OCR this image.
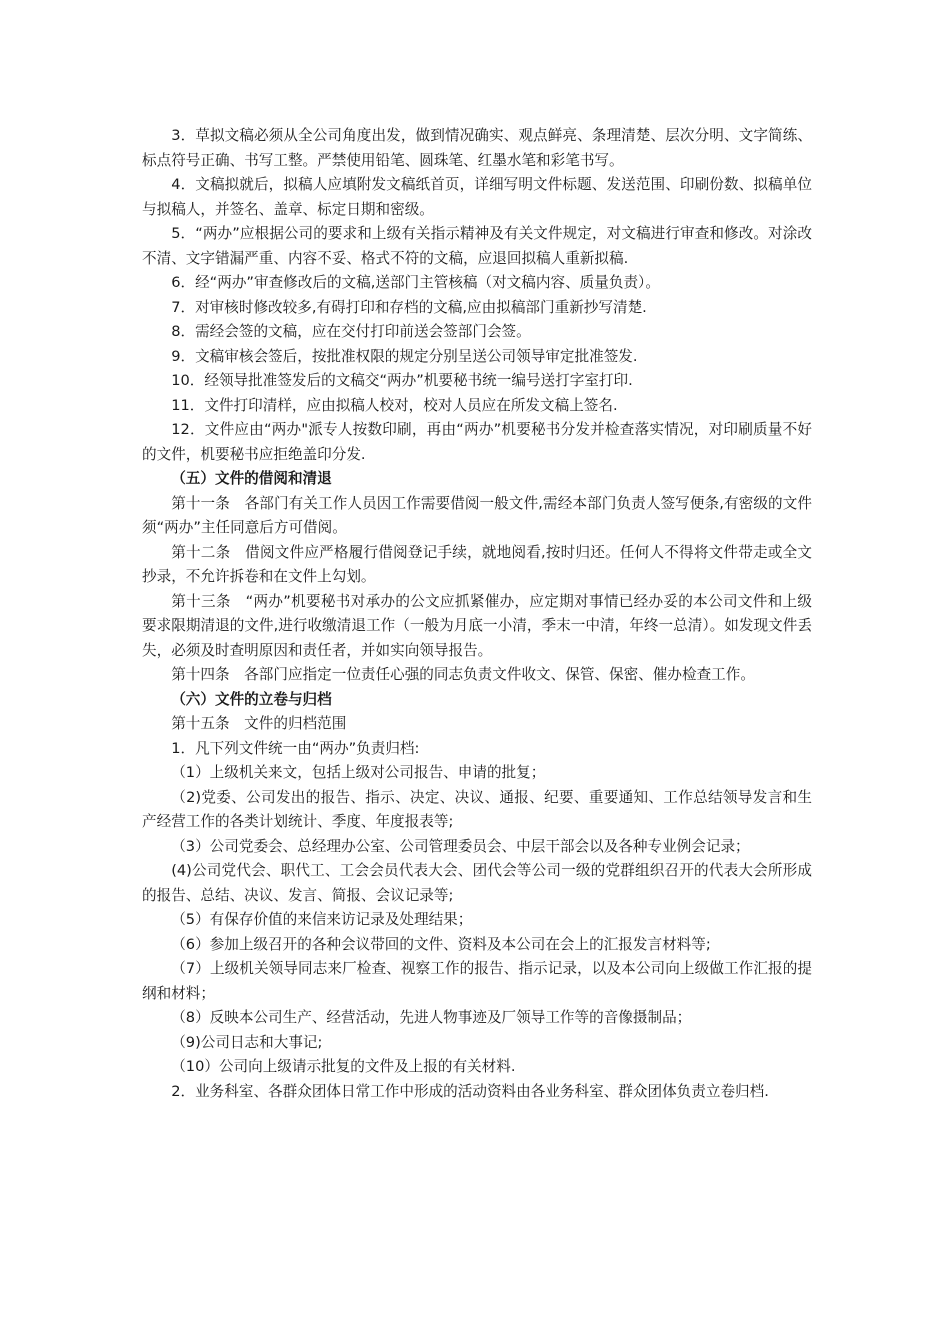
3．草拟文稿必须从全公司角度出发，做到情况确实、观点鲜亮、条理清楚、层次分明、文字简练、标点符号正确、书写工整。严禁使用铅笔、圆珠笔、红墨水笔和彩笔书写。

4．文稿拟就后，拟稿人应填附发文稿纸首页，详细写明文件标题、发送范围、印刷份数、拟稿单位与拟稿人，并签名、盖章、标定日期和密级。

5．“两办”应根据公司的要求和上级有关指示精神及有关文件规定，对文稿进行审查和修改。对涂改不清、文字错漏严重、内容不妥、格式不符的文稿，应退回拟稿人重新拟稿.

6．经“两办”审查修改后的文稿,送部门主管核稿（对文稿内容、质量负责）。

7．对审核时修改较多,有碍打印和存档的文稿,应由拟稿部门重新抄写清楚.

8．需经会签的文稿，应在交付打印前送会签部门会签。

9．文稿审核会签后，按批准权限的规定分别呈送公司领导审定批准签发.

10．经领导批准签发后的文稿交“两办”机要秘书统一编号送打字室打印.

11．文件打印清样，应由拟稿人校对，校对人员应在所发文稿上签名.

12．文件应由“两办"派专人按数印刷，再由“两办”机要秘书分发并检查落实情况，对印刷质量不好的文件，机要秘书应拒绝盖印分发.

（五）文件的借阅和清退

第十一条　各部门有关工作人员因工作需要借阅一般文件,需经本部门负责人签写便条,有密级的文件须“两办”主任同意后方可借阅。

第十二条　借阅文件应严格履行借阅登记手续，就地阅看,按时归还。任何人不得将文件带走或全文抄录，不允许拆卷和在文件上勾划。

第十三条　“两办”机要秘书对承办的公文应抓紧催办，应定期对事情已经办妥的本公司文件和上级要求限期清退的文件,进行收缴清退工作（一般为月底一小清，季末一中清，年终一总清）。如发现文件丢失，必须及时查明原因和责任者，并如实向领导报告。

第十四条　各部门应指定一位责任心强的同志负责文件收文、保管、保密、催办检查工作。

（六）文件的立卷与归档

第十五条　文件的归档范围

1．凡下列文件统一由“两办”负责归档:

（1）上级机关来文，包括上级对公司报告、申请的批复；

（2)党委、公司发出的报告、指示、决定、决议、通报、纪要、重要通知、工作总结领导发言和生产经营工作的各类计划统计、季度、年度报表等;

（3）公司党委会、总经理办公室、公司管理委员会、中层干部会以及各种专业例会记录；

(4)公司党代会、职代工、工会会员代表大会、团代会等公司一级的党群组织召开的代表大会所形成的报告、总结、决议、发言、简报、会议记录等;

（5）有保存价值的来信来访记录及处理结果；

（6）参加上级召开的各种会议带回的文件、资料及本公司在会上的汇报发言材料等;

（7）上级机关领导同志来厂检查、视察工作的报告、指示记录，以及本公司向上级做工作汇报的提纲和材料；

（8）反映本公司生产、经营活动，先进人物事迹及厂领导工作等的音像摄制品；

（9)公司日志和大事记;

（10）公司向上级请示批复的文件及上报的有关材料.

2．业务科室、各群众团体日常工作中形成的活动资料由各业务科室、群众团体负责立卷归档.
